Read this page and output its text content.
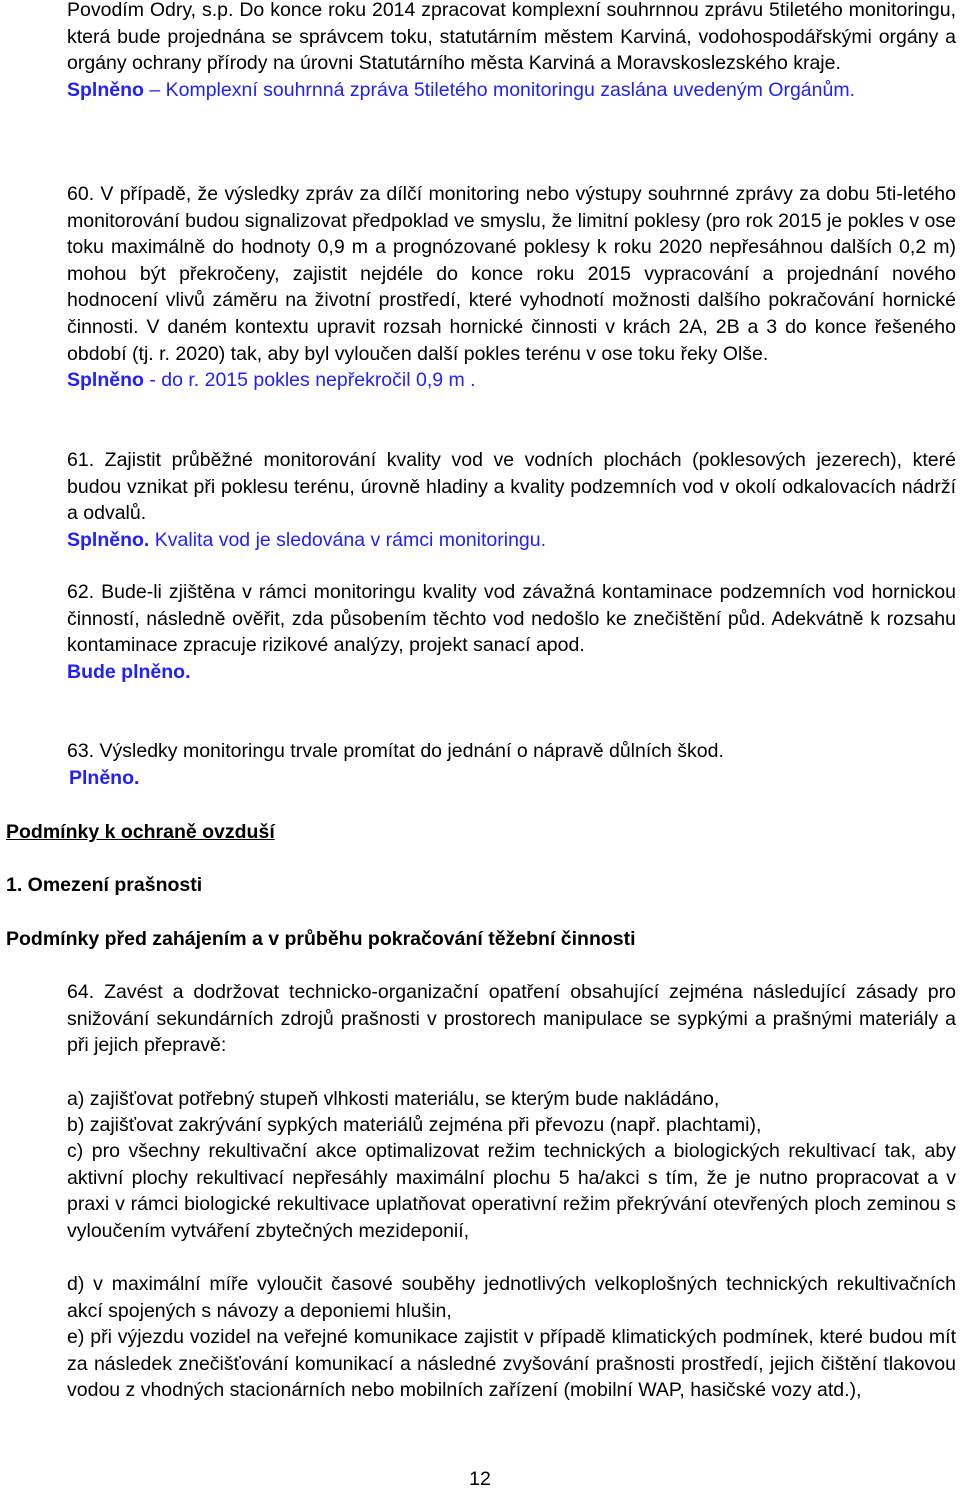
Povodím Odry, s.p. Do konce roku 2014 zpracovat komplexní souhrnnou zprávu 5tiletého monitoringu, která bude projednána se správcem toku, statutárním městem Karviná, vodohospodářskými orgány a orgány ochrany přírody na úrovni Statutárního města Karviná a Moravskoslezského kraje.
Splněno – Komplexní souhrnná zpráva 5tiletého monitoringu zaslána uvedeným Orgánům.
60. V případě, že výsledky zpráv za dílčí monitoring nebo výstupy souhrnné zprávy za dobu 5ti-letého monitorování budou signalizovat předpoklad ve smyslu, že limitní poklesy (pro rok 2015 je pokles v ose toku maximálně do hodnoty 0,9 m a prognózované poklesy k roku 2020 nepřesáhnou dalších 0,2 m) mohou být překročeny, zajistit nejdéle do konce roku 2015 vypracování a projednání nového hodnocení vlivů záměru na životní prostředí, které vyhodnotí možnosti dalšího pokračování hornické činnosti. V daném kontextu upravit rozsah hornické činnosti v krách 2A, 2B a 3 do konce řešeného období (tj. r. 2020) tak, aby byl vyloučen další pokles terénu v ose toku řeky Olše.
Splněno - do r. 2015 pokles nepřekročil 0,9 m .
61. Zajistit průběžné monitorování kvality vod ve vodních plochách (poklesových jezerech), které budou vznikat při poklesu terénu, úrovně hladiny a kvality podzemních vod v okolí odkalovacích nádrží a odvalů.
Splněno. Kvalita vod je sledována v rámci monitoringu.
62. Bude-li zjištěna v rámci monitoringu kvality vod závažná kontaminace podzemních vod hornickou činností, následně ověřit, zda působením těchto vod nedošlo ke znečištění půd. Adekvátně k rozsahu kontaminace zpracuje rizikové analýzy, projekt sanací apod.
Bude plněno.
63. Výsledky monitoringu trvale promítat do jednání o nápravě důlních škod.
Plněno.
Podmínky k ochraně ovzduší
1. Omezení prašnosti
Podmínky před zahájením a v průběhu pokračování těžební činnosti
64. Zavést a dodržovat technicko-organizační opatření obsahující zejména následující zásady pro snižování sekundárních zdrojů prašnosti v prostorech manipulace se sypkými a prašnými materiály a při jejich přepravě:
a) zajišťovat potřebný stupeň vlhkosti materiálu, se kterým bude nakládáno,
b) zajišťovat zakrývání sypkých materiálů zejména při převozu (např. plachtami),
c) pro všechny rekultivační akce optimalizovat režim technických a biologických rekultivací tak, aby aktivní plochy rekultivací nepřesáhly maximální plochu 5 ha/akci s tím, že je nutno propracovat a v praxi v rámci biologické rekultivace uplatňovat operativní režim překrývání otevřených ploch zeminou s vyloučením vytváření zbytečných mezideponií,
d) v maximální míře vyloučit časové souběhy jednotlivých velkoplošných technických rekultivačních akcí spojených s návozy a deponiemi hlušin,
e) při výjezdu vozidel na veřejné komunikace zajistit v případě klimatických podmínek, které budou mít za následek znečišťování komunikací a následné zvyšování prašnosti prostředí, jejich čištění tlakovou vodou z vhodných stacionárních nebo mobilních zařízení (mobilní WAP, hasičské vozy atd.),
12
